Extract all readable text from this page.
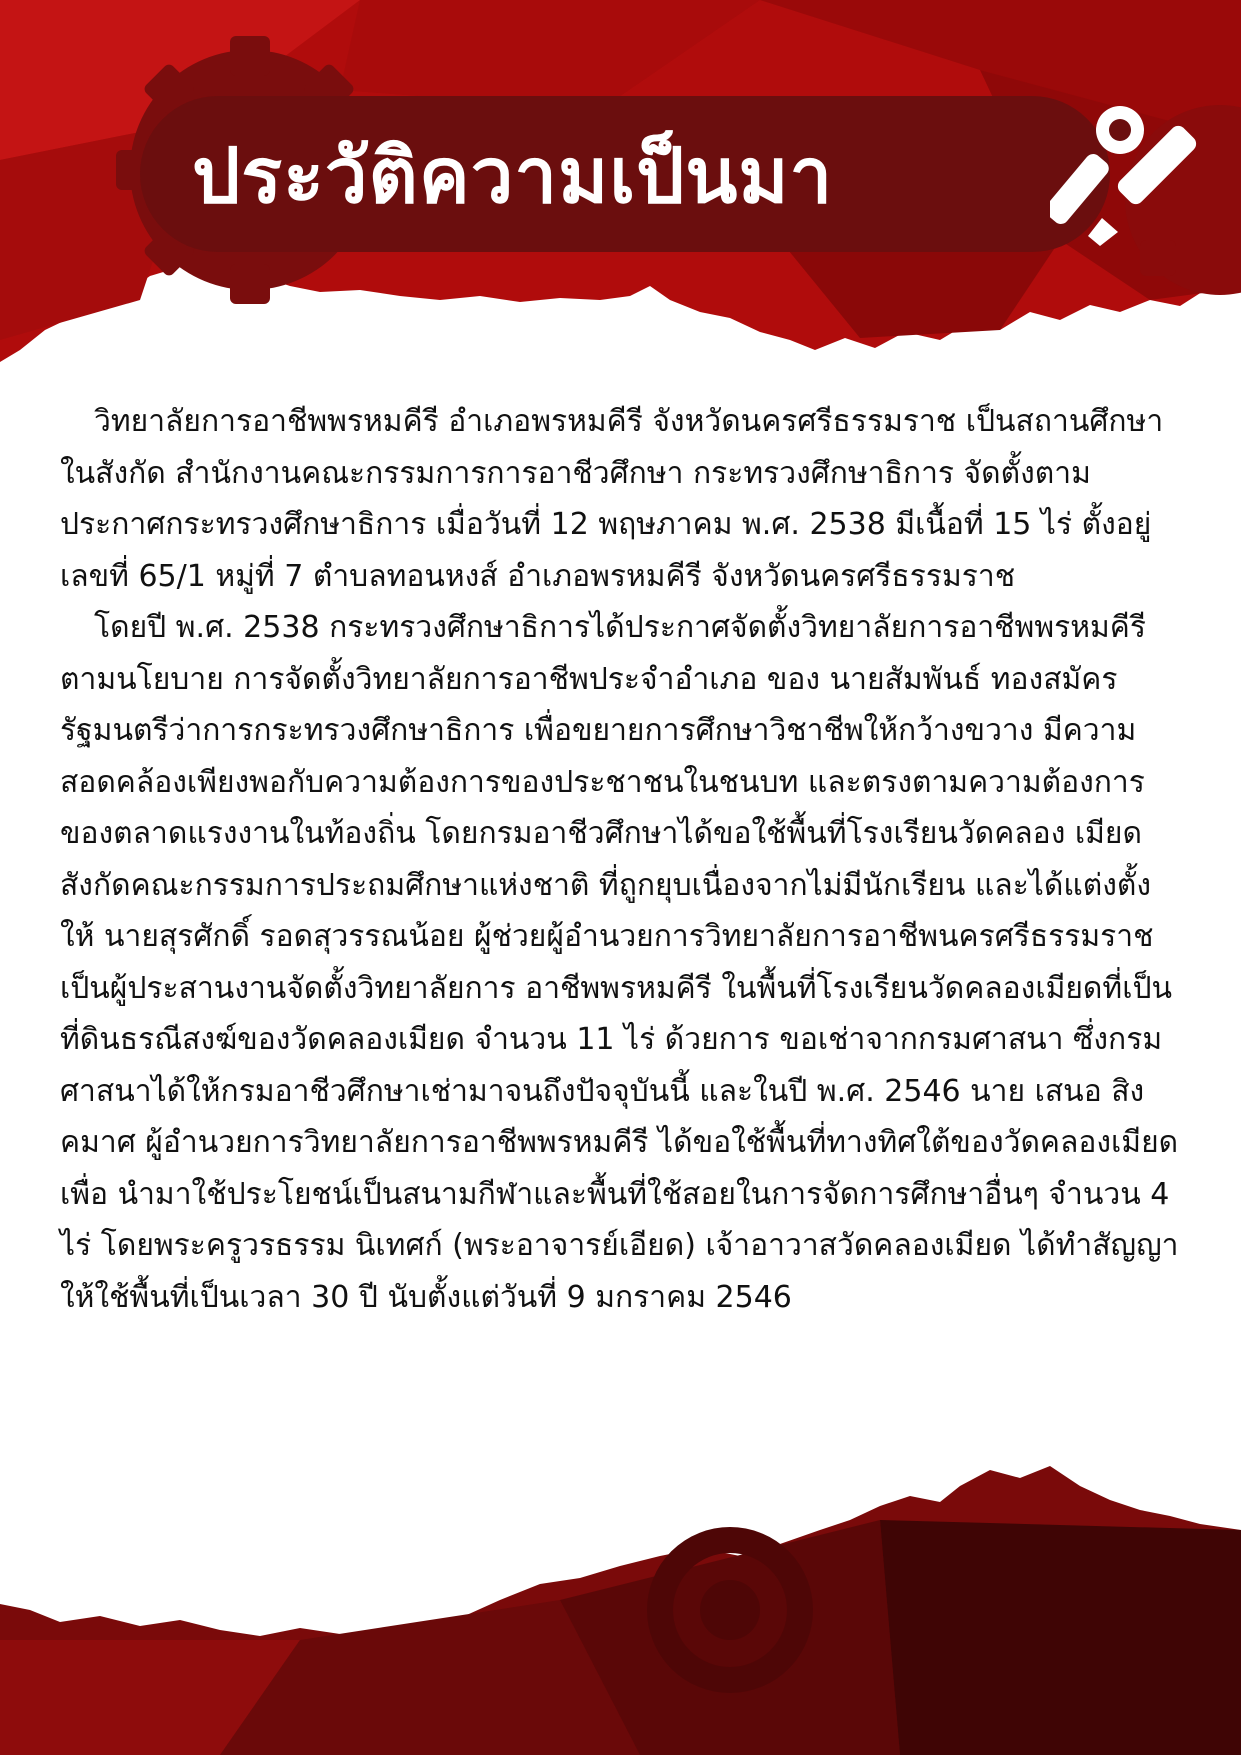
ประวัติความเป็นมา

วิทยาลัยการอาชีพพรหมคีรี อำเภอพรหมคีรี จังหวัดนครศรีธรรมราช เป็นสถานศึกษาในสังกัด สำนักงานคณะกรรมการการอาชีวศึกษา กระทรวงศึกษาธิการ จัดตั้งตามประกาศกระทรวงศึกษาธิการ เมื่อวันที่ 12 พฤษภาคม พ.ศ. 2538 มีเนื้อที่ 15 ไร่ ตั้งอยู่เลขที่ 65/1 หมู่ที่ 7 ตำบลทอนหงส์ อำเภอพรหมคีรี จังหวัดนครศรีธรรมราช

โดยปี พ.ศ. 2538 กระทรวงศึกษาธิการได้ประกาศจัดตั้งวิทยาลัยการอาชีพพรหมคีรีตามนโยบาย การจัดตั้งวิทยาลัยการอาชีพประจำอำเภอ ของ นายสัมพันธ์ ทองสมัคร รัฐมนตรีว่าการกระทรวงศึกษาธิการ เพื่อขยายการศึกษาวิชาชีพให้กว้างขวาง มีความสอดคล้องเพียงพอกับความต้องการของประชาชนในชนบท และตรงตามความต้องการของตลาดแรงงานในท้องถิ่น โดยกรมอาชีวศึกษาได้ขอใช้พื้นที่โรงเรียนวัดคลอง เมียด สังกัดคณะกรรมการประถมศึกษาแห่งชาติ ที่ถูกยุบเนื่องจากไม่มีนักเรียน และได้แต่งตั้งให้ นายสุรศักดิ์ รอดสุวรรณน้อย ผู้ช่วยผู้อำนวยการวิทยาลัยการอาชีพนครศรีธรรมราช เป็นผู้ประสานงานจัดตั้งวิทยาลัยการ อาชีพพรหมคีรี ในพื้นที่โรงเรียนวัดคลองเมียดที่เป็นที่ดินธรณีสงฆ์ของวัดคลองเมียด จำนวน 11 ไร่ ด้วยการ ขอเช่าจากกรมศาสนา ซึ่งกรมศาสนาได้ให้กรมอาชีวศึกษาเช่ามาจนถึงปัจจุบันนี้ และในปี พ.ศ. 2546 นาย เสนอ สิงคมาศ ผู้อำนวยการวิทยาลัยการอาชีพพรหมคีรี ได้ขอใช้พื้นที่ทางทิศใต้ของวัดคลองเมียด เพื่อ นำมาใช้ประโยชน์เป็นสนามกีฬาและพื้นที่ใช้สอยในการจัดการศึกษาอื่นๆ จำนวน 4 ไร่ โดยพระครูวรธรรม นิเทศก์ (พระอาจารย์เอียด) เจ้าอาวาสวัดคลองเมียด ได้ทำสัญญาให้ใช้พื้นที่เป็นเวลา 30 ปี นับตั้งแต่วันที่ 9 มกราคม 2546
